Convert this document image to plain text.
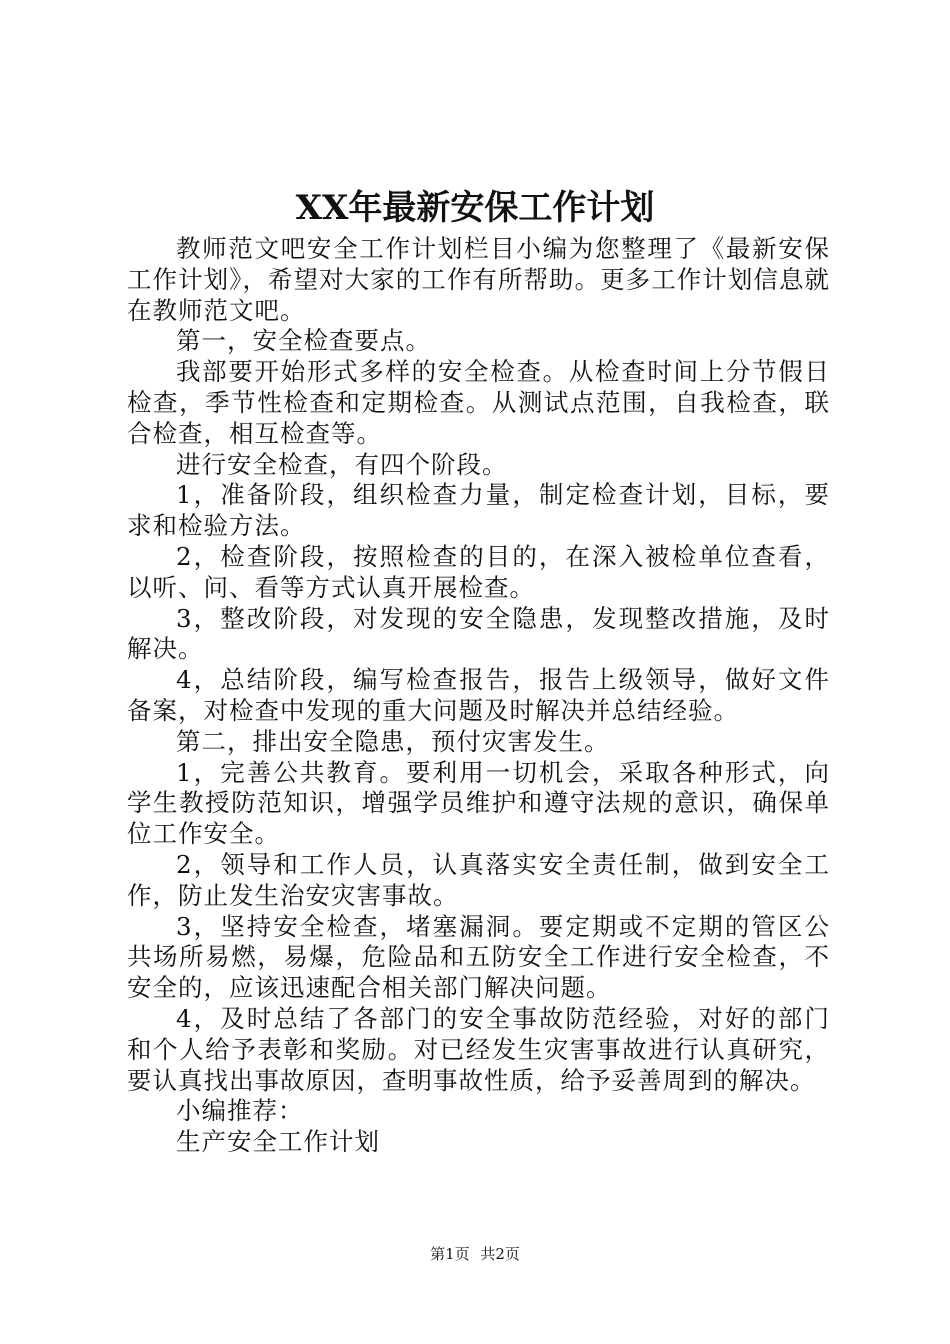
XX年最新安保工作计划

教师范文吧安全工作计划栏目小编为您整理了《最新安保工作计划》，希望对大家的工作有所帮助。更多工作计划信息就在教师范文吧。

第一，安全检查要点。

我部要开始形式多样的安全检查。从检查时间上分节假日检查，季节性检查和定期检查。从测试点范围，自我检查，联合检查，相互检查等。

进行安全检查，有四个阶段。

1，准备阶段，组织检查力量，制定检查计划，目标，要求和检验方法。

2，检查阶段，按照检查的目的，在深入被检单位查看，以听、问、看等方式认真开展检查。

3，整改阶段，对发现的安全隐患，发现整改措施，及时解决。

4，总结阶段，编写检查报告，报告上级领导，做好文件备案，对检查中发现的重大问题及时解决并总结经验。

第二，排出安全隐患，预付灾害发生。

1，完善公共教育。要利用一切机会，采取各种形式，向学生教授防范知识，增强学员维护和遵守法规的意识，确保单位工作安全。

2，领导和工作人员，认真落实安全责任制，做到安全工作，防止发生治安灾害事故。

3，坚持安全检查，堵塞漏洞。要定期或不定期的管区公共场所易燃，易爆，危险品和五防安全工作进行安全检查，不安全的，应该迅速配合相关部门解决问题。

4，及时总结了各部门的安全事故防范经验，对好的部门和个人给予表彰和奖励。对已经发生灾害事故进行认真研究，要认真找出事故原因，查明事故性质，给予妥善周到的解决。

小编推荐：

生产安全工作计划

第1页 共2页
